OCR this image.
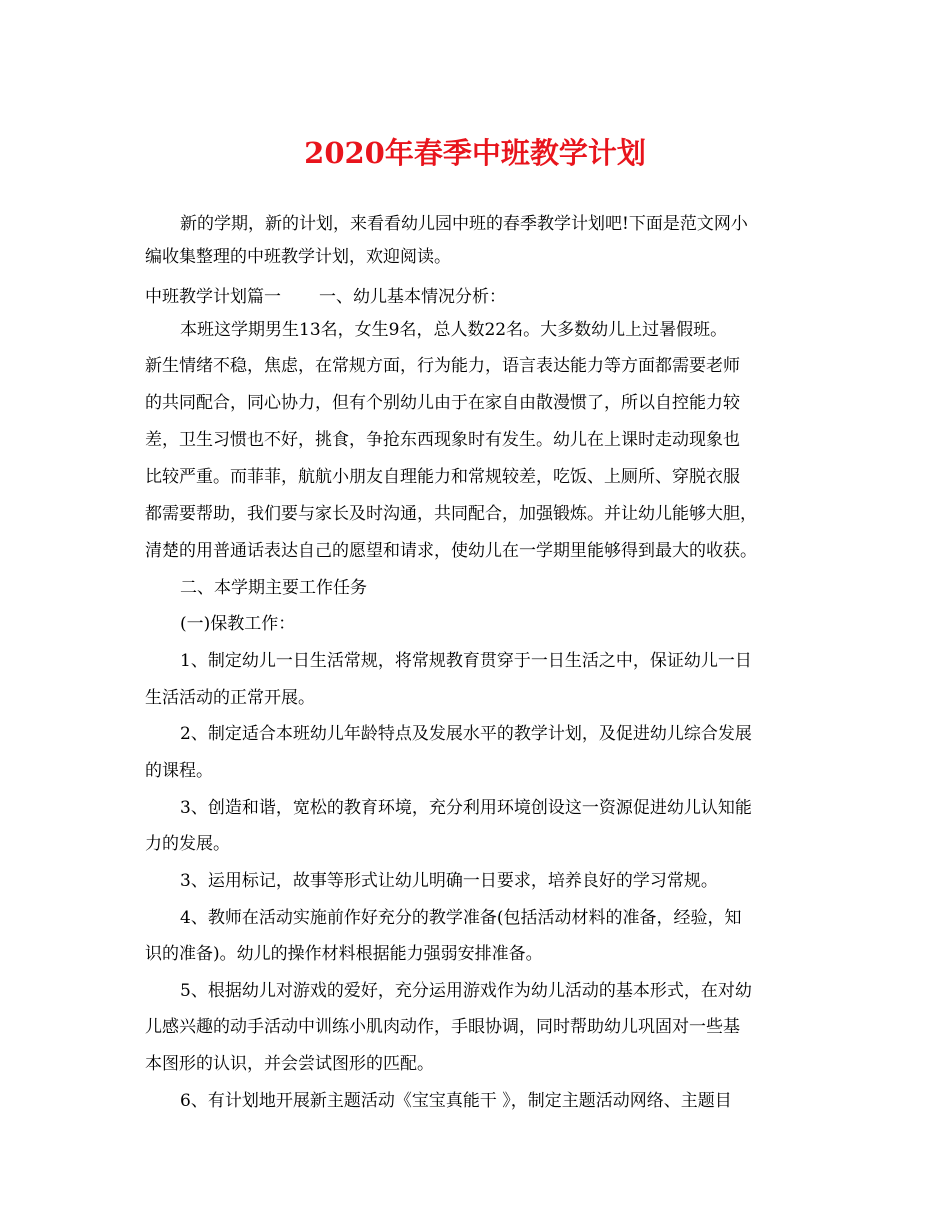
2020年春季中班教学计划
新的学期，新的计划，来看看幼儿园中班的春季教学计划吧!下面是范文网小
编收集整理的中班教学计划，欢迎阅读。
中班教学计划篇一 一、幼儿基本情况分析：
本班这学期男生13名，女生9名，总人数22名。大多数幼儿上过暑假班。
新生情绪不稳，焦虑，在常规方面，行为能力，语言表达能力等方面都需要老师
的共同配合，同心协力，但有个别幼儿由于在家自由散漫惯了，所以自控能力较
差，卫生习惯也不好，挑食，争抢东西现象时有发生。幼儿在上课时走动现象也
比较严重。而菲菲，航航小朋友自理能力和常规较差，吃饭、上厕所、穿脱衣服
都需要帮助，我们要与家长及时沟通，共同配合，加强锻炼。并让幼儿能够大胆，
清楚的用普通话表达自己的愿望和请求，使幼儿在一学期里能够得到最大的收获。
二、本学期主要工作任务
(一)保教工作：
1、制定幼儿一日生活常规，将常规教育贯穿于一日生活之中，保证幼儿一日
生活活动的正常开展。
2、制定适合本班幼儿年龄特点及发展水平的教学计划，及促进幼儿综合发展
的课程。
3、创造和谐，宽松的教育环境，充分利用环境创设这一资源促进幼儿认知能
力的发展。
3、运用标记，故事等形式让幼儿明确一日要求，培养良好的学习常规。
4、教师在活动实施前作好充分的教学准备(包括活动材料的准备，经验，知
识的准备)。幼儿的操作材料根据能力强弱安排准备。
5、根据幼儿对游戏的爱好，充分运用游戏作为幼儿活动的基本形式，在对幼
儿感兴趣的动手活动中训练小肌肉动作，手眼协调，同时帮助幼儿巩固对一些基
本图形的认识，并会尝试图形的匹配。
6、有计划地开展新主题活动《宝宝真能干 》，制定主题活动网络、主题目
